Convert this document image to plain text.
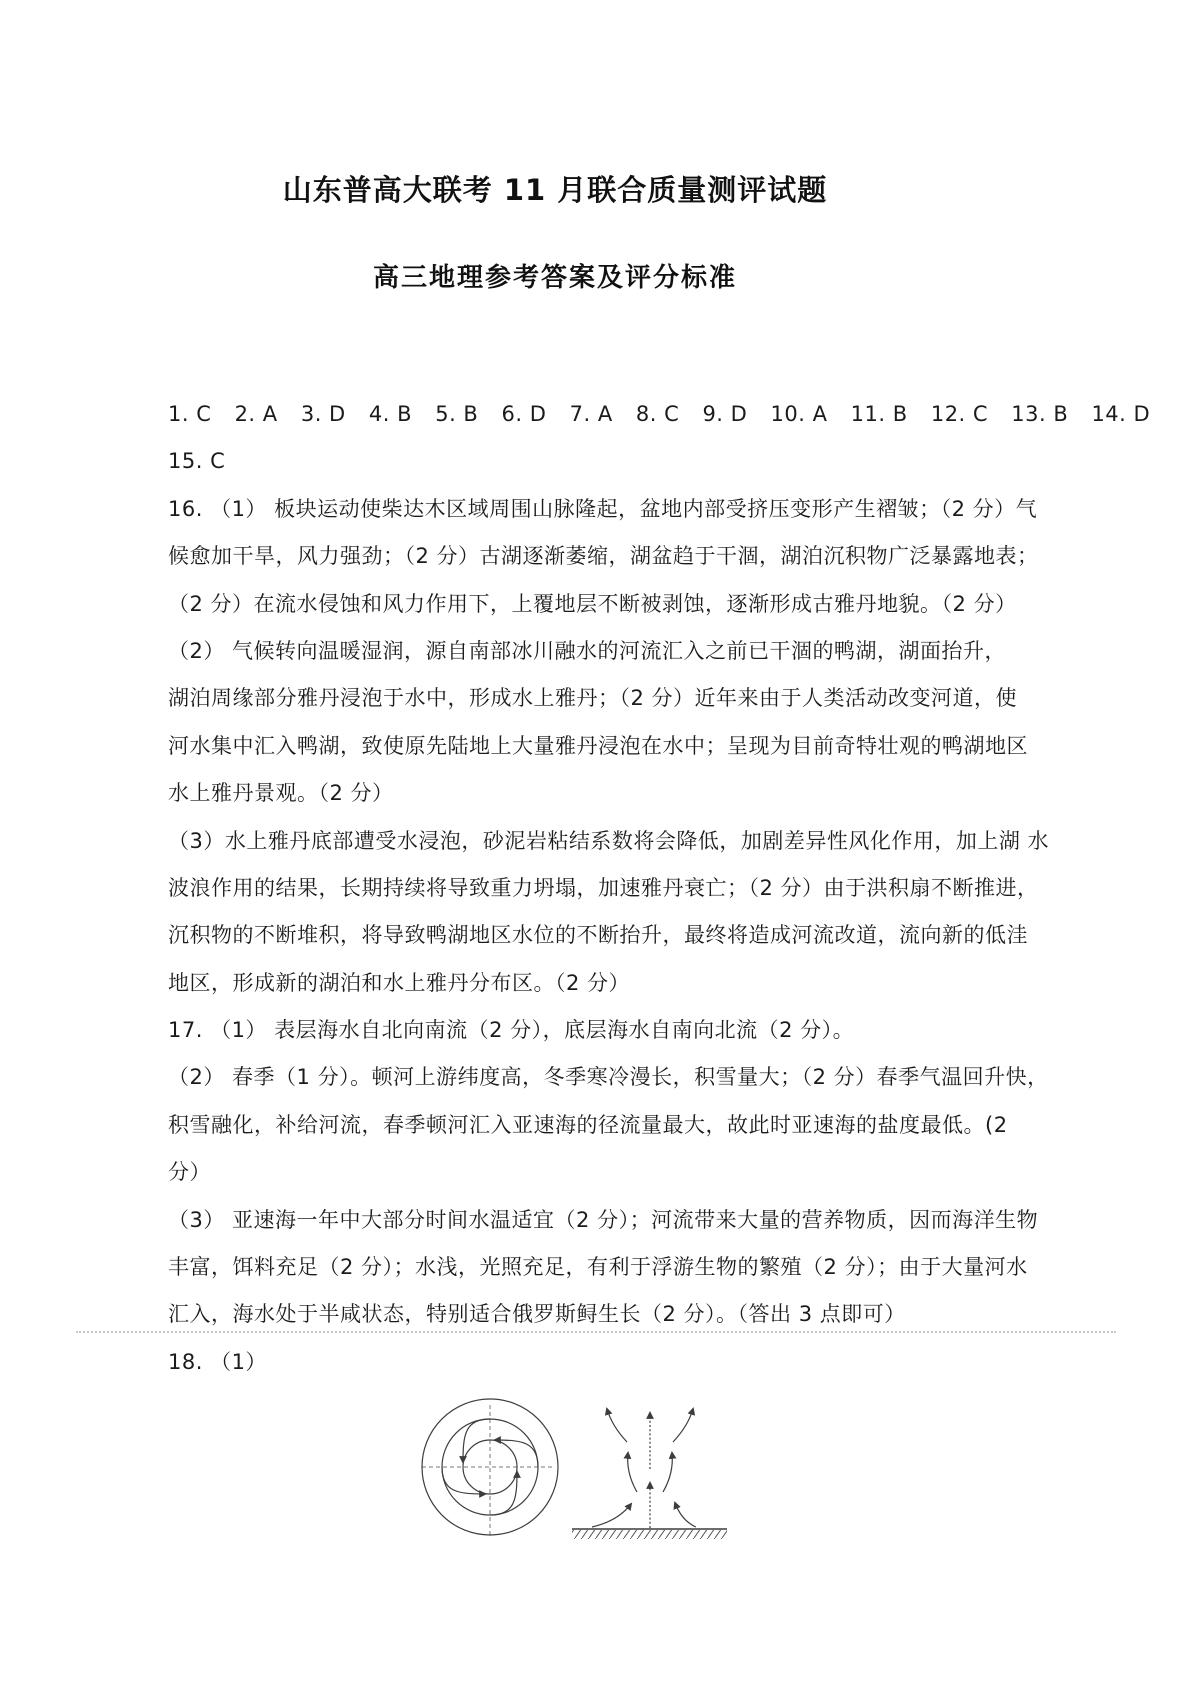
山东普高大联考 11 月联合质量测评试题
高三地理参考答案及评分标准
1. C 2. A 3. D 4. B 5. B 6. D 7. A 8. C 9. D 10. A 11. B 12. C 13. B 14. D
15. C
16. （1） 板块运动使柴达木区域周围山脉隆起，盆地内部受挤压变形产生褶皱；（2 分）气
候愈加干旱，风力强劲；（2 分）古湖逐渐萎缩，湖盆趋于干涸，湖泊沉积物广泛暴露地表；
（2 分）在流水侵蚀和风力作用下，上覆地层不断被剥蚀，逐渐形成古雅丹地貌。（2 分）
（2） 气候转向温暖湿润，源自南部冰川融水的河流汇入之前已干涸的鸭湖，湖面抬升，
湖泊周缘部分雅丹浸泡于水中，形成水上雅丹；（2 分）近年来由于人类活动改变河道，使
河水集中汇入鸭湖，致使原先陆地上大量雅丹浸泡在水中；呈现为目前奇特壮观的鸭湖地区
水上雅丹景观。（2 分）
（3）水上雅丹底部遭受水浸泡，砂泥岩粘结系数将会降低，加剧差异性风化作用，加上湖 水
波浪作用的结果，长期持续将导致重力坍塌，加速雅丹衰亡；（2 分）由于洪积扇不断推进，
沉积物的不断堆积，将导致鸭湖地区水位的不断抬升，最终将造成河流改道，流向新的低洼
地区，形成新的湖泊和水上雅丹分布区。（2 分）
17. （1） 表层海水自北向南流（2 分），底层海水自南向北流（2 分）。
（2） 春季（1 分）。顿河上游纬度高，冬季寒冷漫长，积雪量大；（2 分）春季气温回升快，
积雪融化，补给河流，春季顿河汇入亚速海的径流量最大，故此时亚速海的盐度最低。(2
分）
（3） 亚速海一年中大部分时间水温适宜（2 分）；河流带来大量的营养物质，因而海洋生物
丰富，饵料充足（2 分）；水浅，光照充足，有利于浮游生物的繁殖（2 分）；由于大量河水
汇入，海水处于半咸状态，特别适合俄罗斯鲟生长（2 分）。（答出 3 点即可）
18. （1）
